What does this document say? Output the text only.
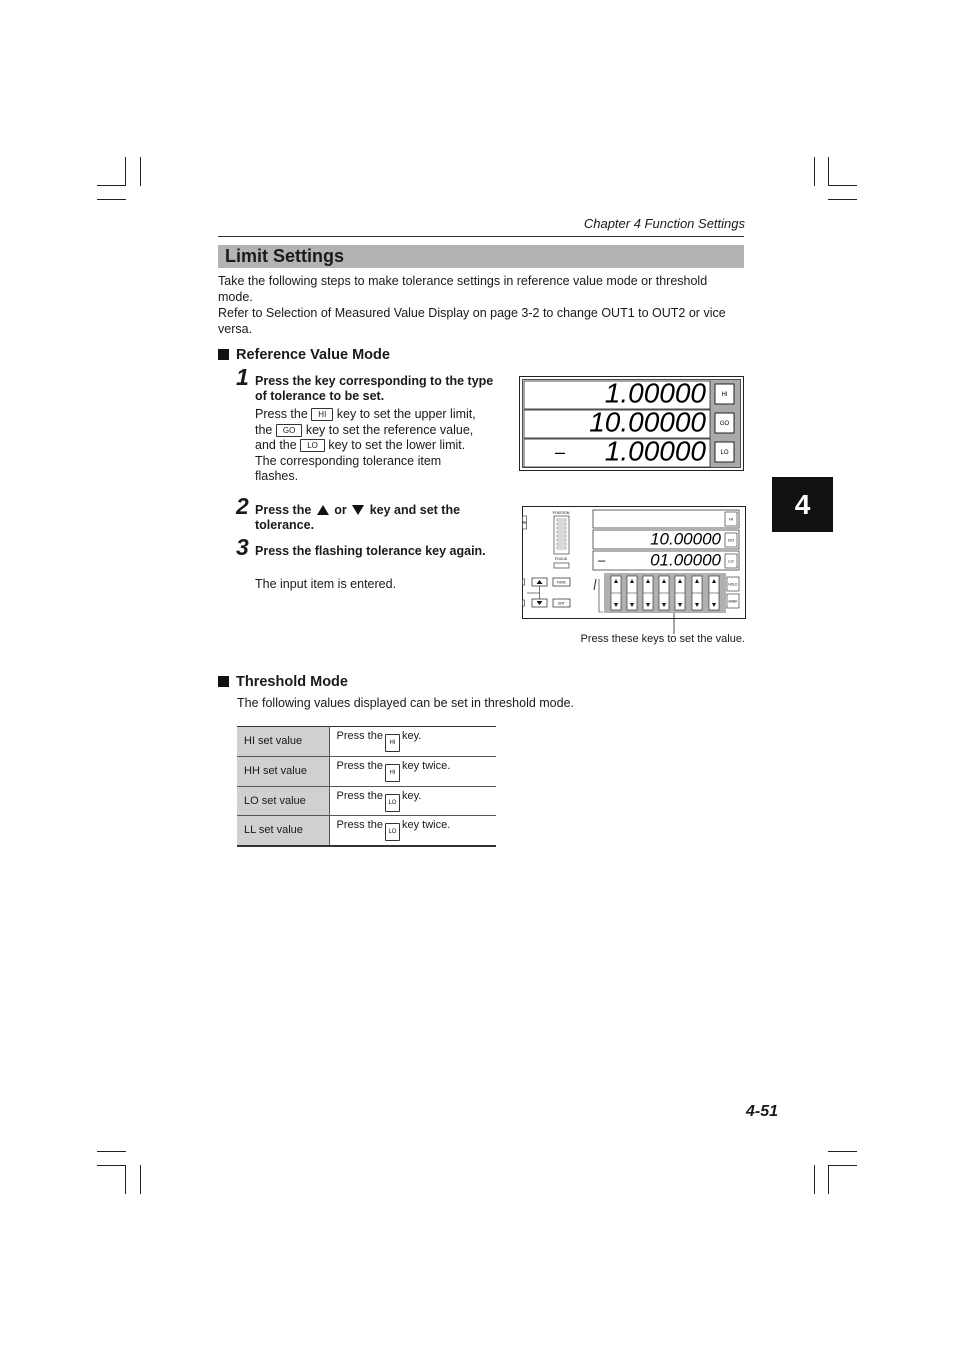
Chapter 4 Function Settings
Limit Settings
Take the following steps to make tolerance settings in reference value mode or threshold mode.
Refer to Selection of Measured Value Display on page 3-2 to change OUT1 to OUT2 or vice versa.
Reference Value Mode
1 Press the key corresponding to the type of tolerance to be set.
Press the HI key to set the upper limit,
the GO key to set the reference value,
and the LO key to set the lower limit.
The corresponding tolerance item flashes.
2 Press the or key and set the tolerance.
3 Press the flashing tolerance key again.
The input item is entered.
1.00000	HI
10.00000 GO
– 1.00000 LO
POSITION
FOCUS
FUNC
ENT
HI
10.00000 GO
–	01.00000 LO
HOLD
BANK
Press these keys to set the value.
Threshold Mode
The following values displayed can be set in threshold mode.
HI set value	Press theHIkey.
HH set value	Press theHIkey twice.
LO set value	Press theLOkey.
LL set value	Press theLOkey twice.
4
4-51
